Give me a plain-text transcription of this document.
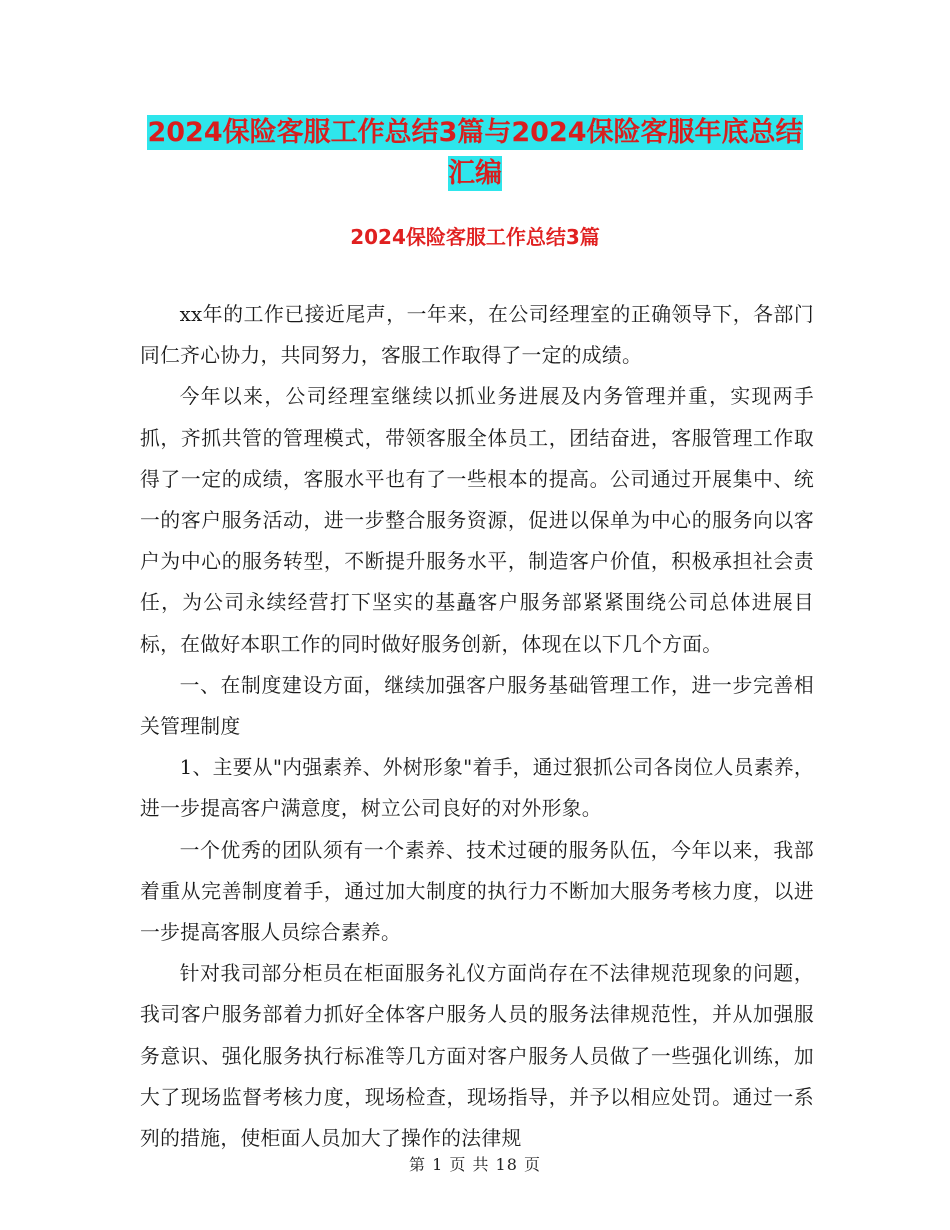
2024保险客服工作总结3篇与2024保险客服年底总结
汇编
2024保险客服工作总结3篇

xx年的工作已接近尾声，一年来，在公司经理室的正确领导下，各部门同仁齐心协力，共同努力，客服工作取得了一定的成绩。

今年以来，公司经理室继续以抓业务进展及内务管理并重，实现两手抓，齐抓共管的管理模式，带领客服全体员工，团结奋进，客服管理工作取得了一定的成绩，客服水平也有了一些根本的提高。公司通过开展集中、统一的客户服务活动，进一步整合服务资源，促进以保单为中心的服务向以客户为中心的服务转型，不断提升服务水平，制造客户价值，积极承担社会责任，为公司永续经营打下坚实的基矗客户服务部紧紧围绕公司总体进展目标，在做好本职工作的同时做好服务创新，体现在以下几个方面。

一、在制度建设方面，继续加强客户服务基础管理工作，进一步完善相关管理制度

1、主要从"内强素养、外树形象"着手，通过狠抓公司各岗位人员素养，进一步提高客户满意度，树立公司良好的对外形象。

一个优秀的团队须有一个素养、技术过硬的服务队伍，今年以来，我部着重从完善制度着手，通过加大制度的执行力不断加大服务考核力度，以进一步提高客服人员综合素养。

针对我司部分柜员在柜面服务礼仪方面尚存在不法律规范现象的问题，我司客户服务部着力抓好全体客户服务人员的服务法律规范性，并从加强服务意识、强化服务执行标准等几方面对客户服务人员做了一些强化训练，加大了现场监督考核力度，现场检查，现场指导，并予以相应处罚。通过一系列的措施，使柜面人员加大了操作的法律规

第 1 页 共 18 页
